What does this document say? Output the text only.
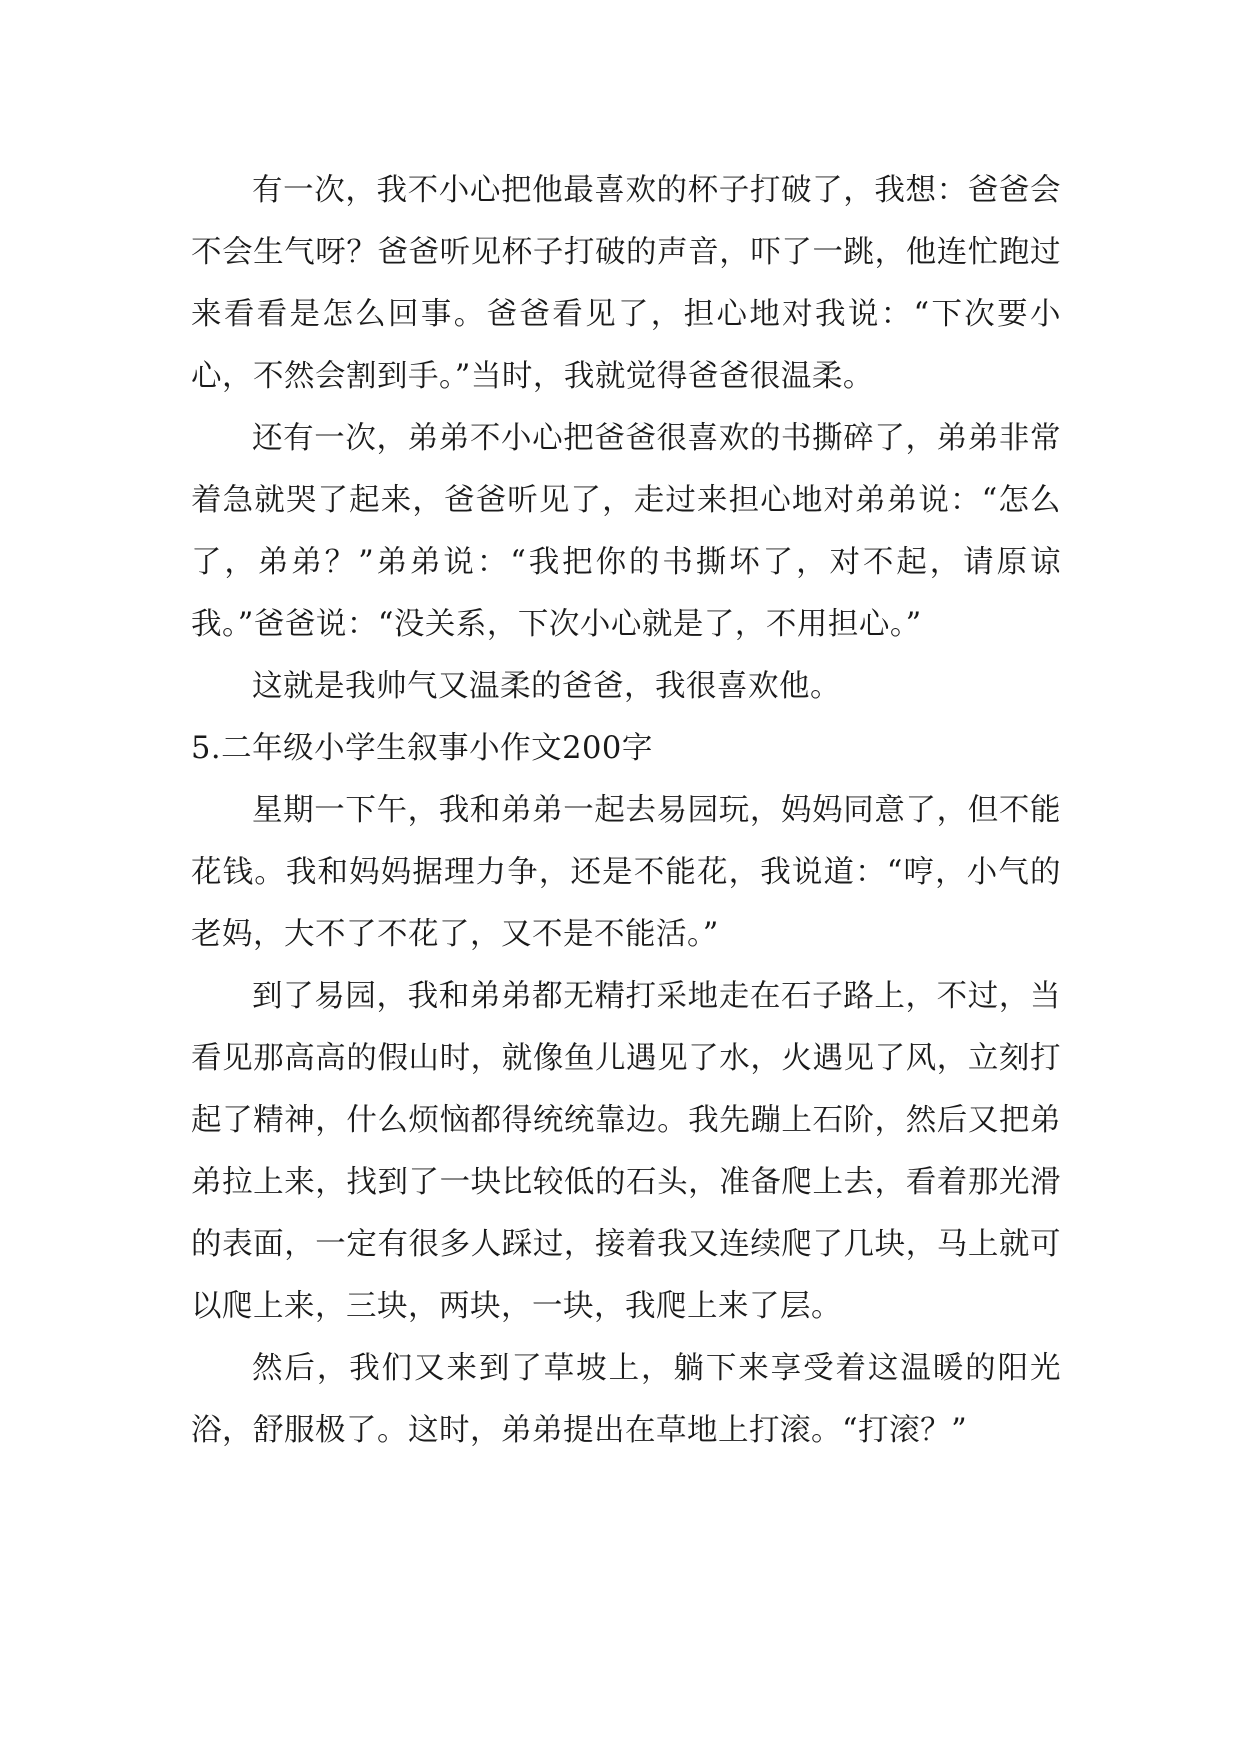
有一次，我不小心把他最喜欢的杯子打破了，我想：爸爸会不会生气呀？爸爸听见杯子打破的声音，吓了一跳，他连忙跑过来看看是怎么回事。爸爸看见了，担心地对我说：“下次要小心，不然会割到手。”当时，我就觉得爸爸很温柔。

还有一次，弟弟不小心把爸爸很喜欢的书撕碎了，弟弟非常着急就哭了起来，爸爸听见了，走过来担心地对弟弟说：“怎么了，弟弟？”弟弟说：“我把你的书撕坏了，对不起，请原谅我。”爸爸说：“没关系，下次小心就是了，不用担心。”

这就是我帅气又温柔的爸爸，我很喜欢他。

5.二年级小学生叙事小作文200字

星期一下午，我和弟弟一起去易园玩，妈妈同意了，但不能花钱。我和妈妈据理力争，还是不能花，我说道：“哼，小气的老妈，大不了不花了，又不是不能活。”

到了易园，我和弟弟都无精打采地走在石子路上，不过，当看见那高高的假山时，就像鱼儿遇见了水，火遇见了风，立刻打起了精神，什么烦恼都得统统靠边。我先蹦上石阶，然后又把弟弟拉上来，找到了一块比较低的石头，准备爬上去，看着那光滑的表面，一定有很多人踩过，接着我又连续爬了几块，马上就可以爬上来，三块，两块，一块，我爬上来了层。

然后，我们又来到了草坡上，躺下来享受着这温暖的阳光浴，舒服极了。这时，弟弟提出在草地上打滚。“打滚？”
